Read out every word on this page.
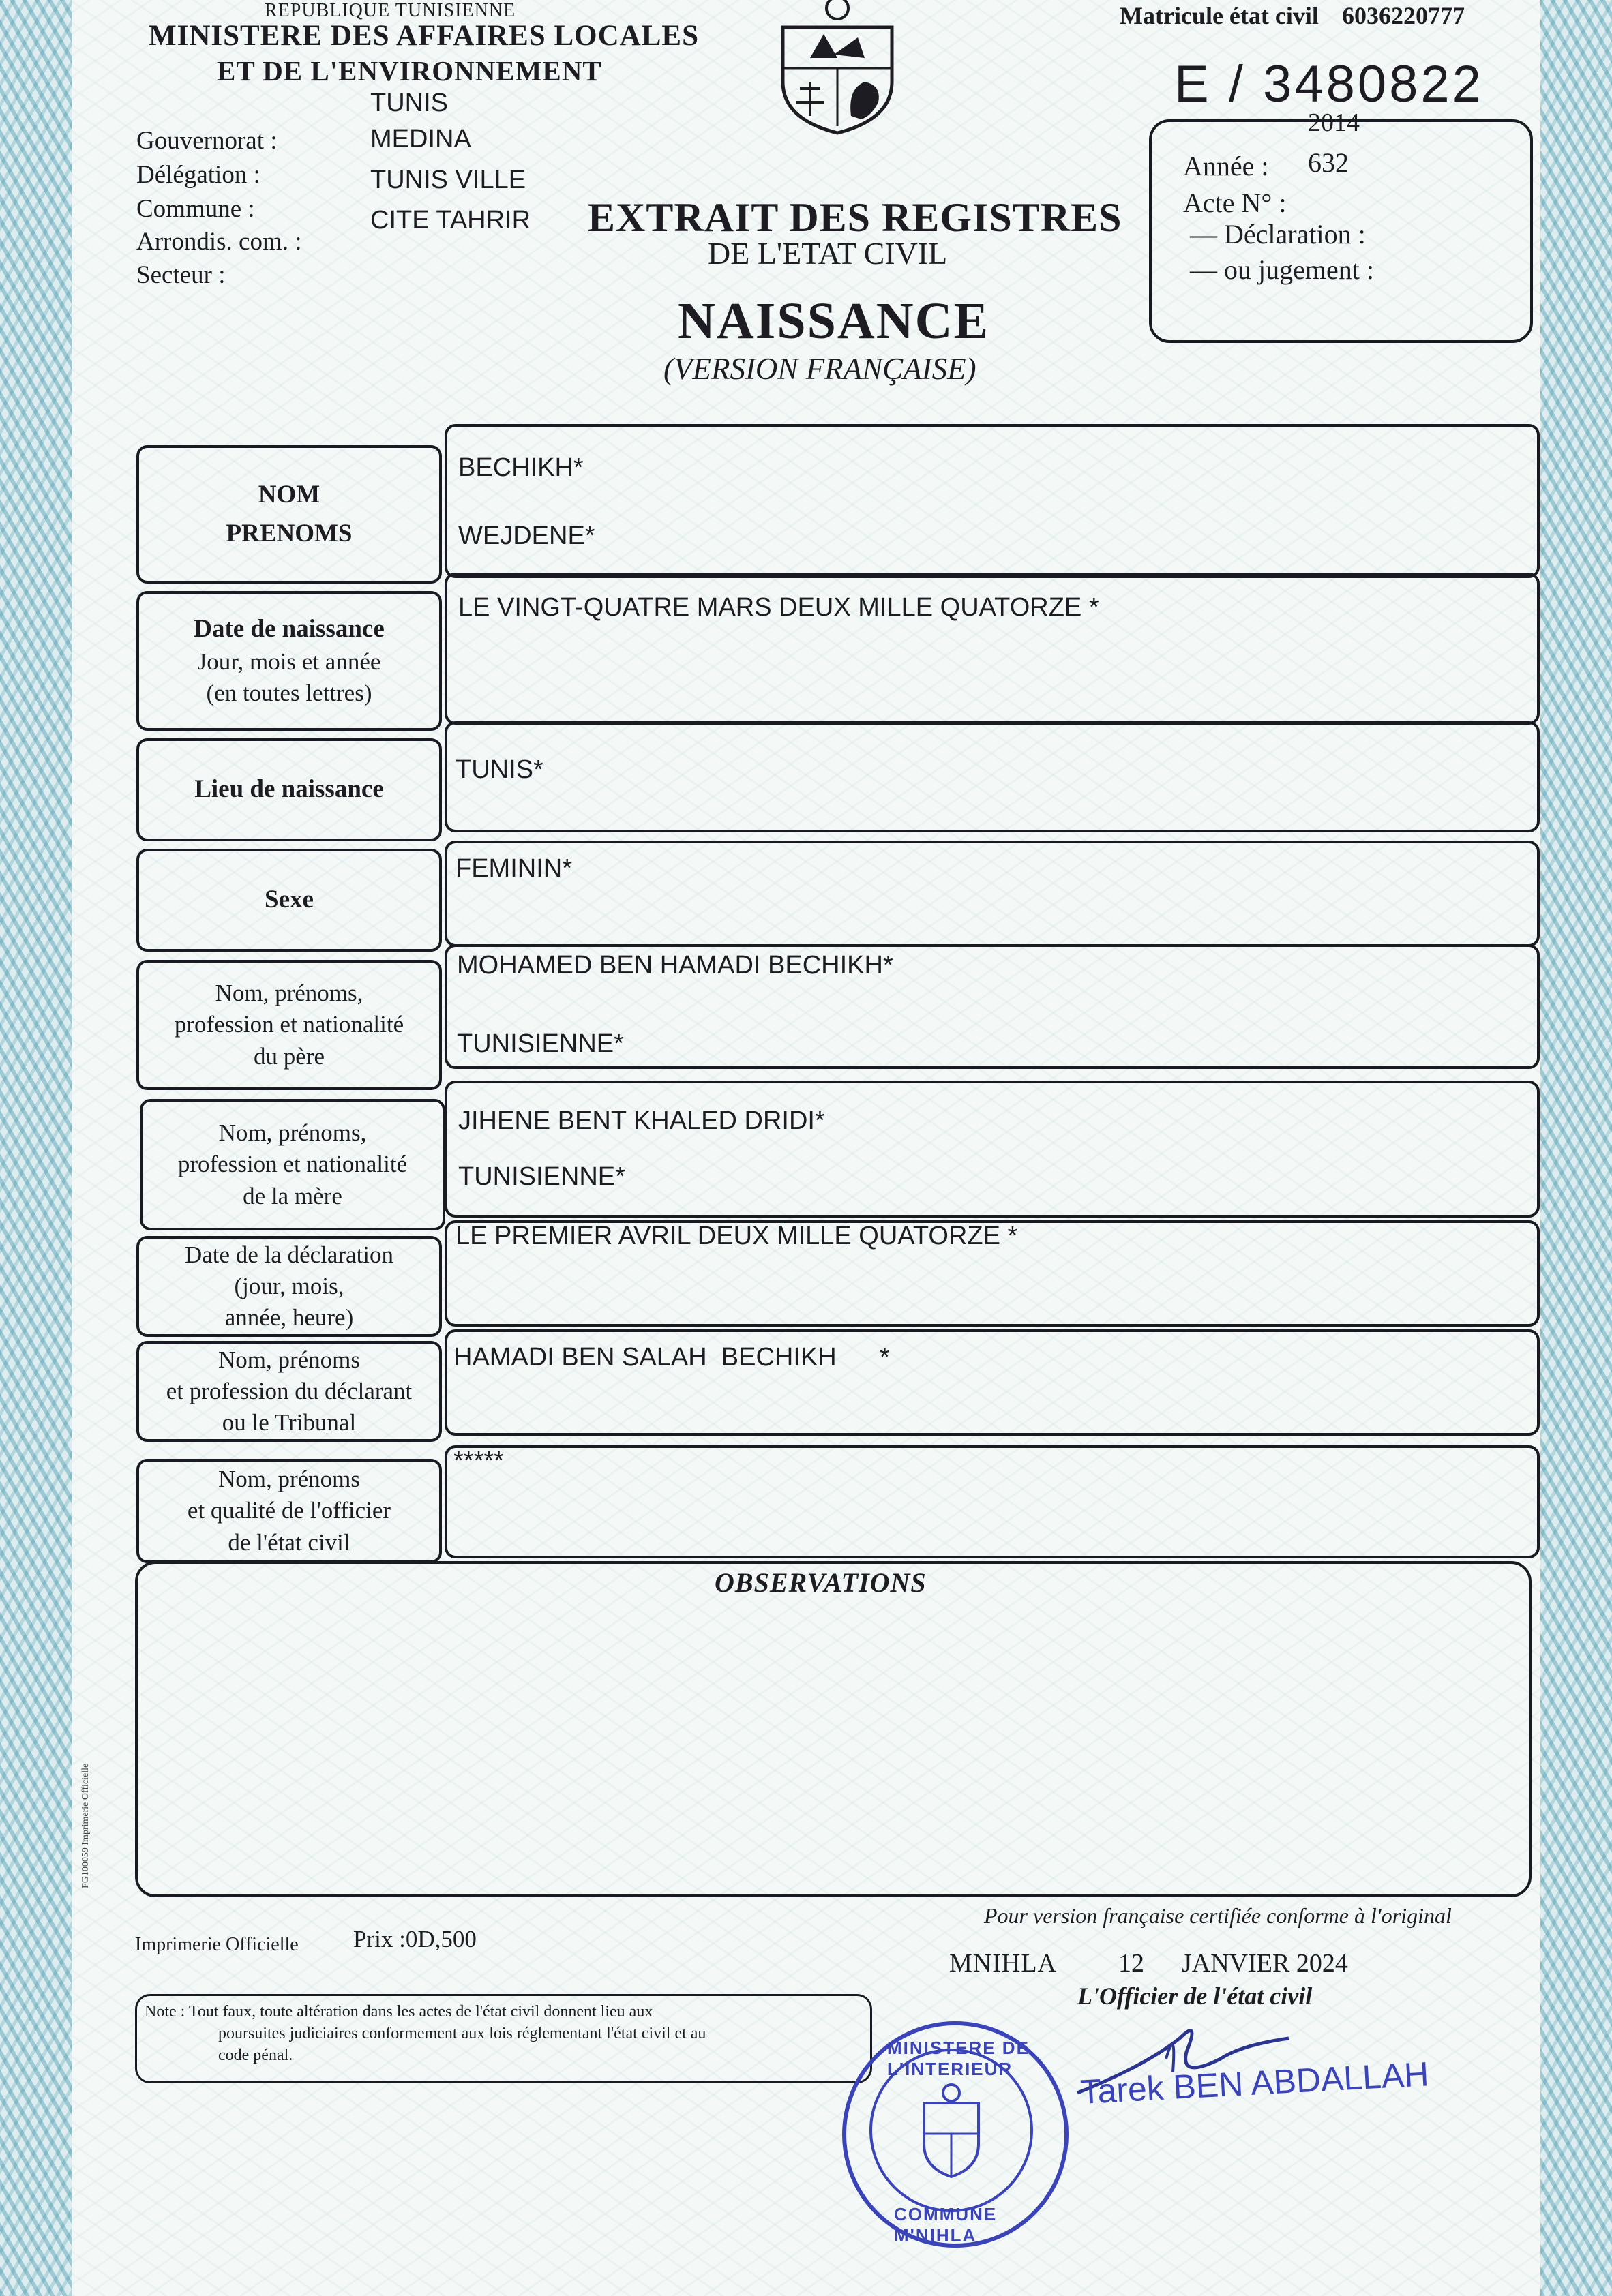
REPUBLIQUE TUNISIENNE
MINISTERE DES AFFAIRES LOCALES
ET DE L'ENVIRONNEMENT
TUNIS
Gouvernorat :
Délégation :
Commune :
Arrondis. com. :
Secteur :
MEDINA
TUNIS VILLE
CITE TAHRIR EXTRAIT DES REGISTRES
DE L'ETAT CIVIL
NAISSANCE
(VERSION FRANÇAISE)
Matricule état civil 6036220777
E / 3480822
2014
Année : 632
Acte N° :
— Déclaration :
— ou jugement :
NOM
PRENOMS
BECHIKH*
WEJDENE*
Date de naissance
Jour, mois et année
(en toutes lettres)
LE VINGT-QUATRE MARS DEUX MILLE QUATORZE *
Lieu de naissance
TUNIS*
Sexe
FEMININ*
Nom, prénoms,
profession et nationalité
du père
MOHAMED BEN HAMADI BECHIKH*
TUNISIENNE*
Nom, prénoms,
profession et nationalité
de la mère
JIHENE BENT KHALED DRIDI*
TUNISIENNE*
Date de la déclaration
(jour, mois,
année, heure)
LE PREMIER AVRIL DEUX MILLE QUATORZE *
Nom, prénoms
et profession du déclarant
ou le Tribunal
HAMADI BEN SALAH  BECHIKH      *
Nom, prénoms
et qualité de l'officier
de l'état civil
*****
OBSERVATIONS
FG100059 Imprimerie Officielle
Imprimerie Officielle Prix :0D,500
Pour version française certifiée conforme à l'original
MNIHLA 12 JANVIER 2024
L'Officier de l'état civil
Note : Tout faux, toute altération dans les actes de l'état civil donnent lieu aux
poursuites judiciaires conformement aux lois réglementant l'état civil et au
code pénal.	MINISTERE DE L'INTERIEUR
COMMUNE M'NIHLA
Tarek BEN ABDALLAH
